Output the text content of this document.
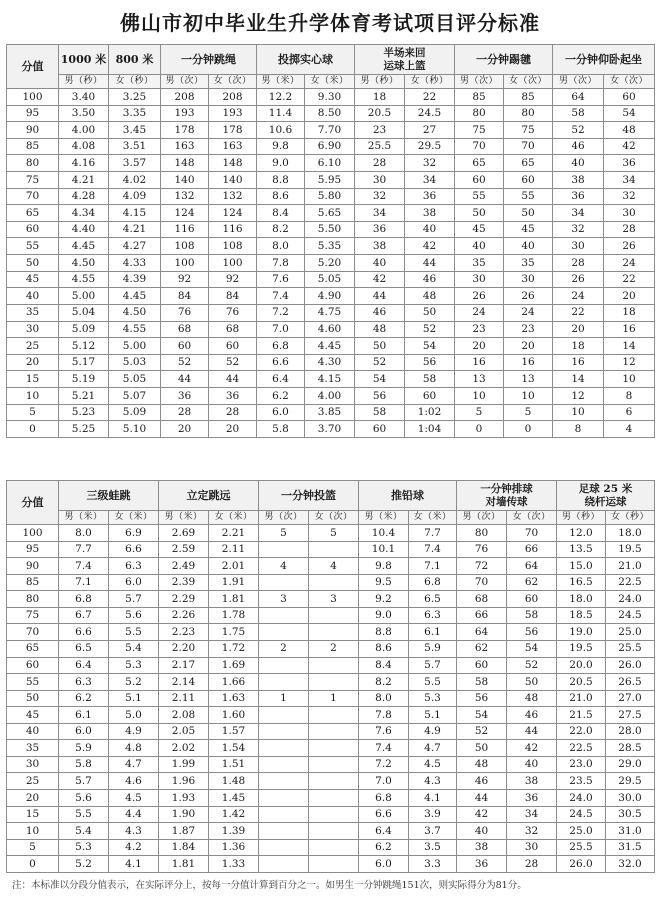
佛山市初中毕业生升学体育考试项目评分标准
分值	1000 米	800 米	一分钟跳绳		投掷实心球		半场来回
运球上篮		一分钟踢毽		一分钟仰卧起坐	
	男（秒）	女（秒）	男（次）	女（次）	男（米）	女（米）	男（秒）	女（秒）	男（次）	女（次）	男（次）	女（次）
100	3.40	3.25	208	208	12.2	9.30	18	22	85	85	64	60
95	3.50	3.35	193	193	11.4	8.50	20.5	24.5	80	80	58	54
90	4.00	3.45	178	178	10.6	7.70	23	27	75	75	52	48
85	4.08	3.51	163	163	9.8	6.90	25.5	29.5	70	70	46	42
80	4.16	3.57	148	148	9.0	6.10	28	32	65	65	40	36
75	4.21	4.02	140	140	8.8	5.95	30	34	60	60	38	34
70	4.28	4.09	132	132	8.6	5.80	32	36	55	55	36	32
65	4.34	4.15	124	124	8.4	5.65	34	38	50	50	34	30
60	4.40	4.21	116	116	8.2	5.50	36	40	45	45	32	28
55	4.45	4.27	108	108	8.0	5.35	38	42	40	40	30	26
50	4.50	4.33	100	100	7.8	5.20	40	44	35	35	28	24
45	4.55	4.39	92	92	7.6	5.05	42	46	30	30	26	22
40	5.00	4.45	84	84	7.4	4.90	44	48	26	26	24	20
35	5.04	4.50	76	76	7.2	4.75	46	50	24	24	22	18
30	5.09	4.55	68	68	7.0	4.60	48	52	23	23	20	16
25	5.12	5.00	60	60	6.8	4.45	50	54	20	20	18	14
20	5.17	5.03	52	52	6.6	4.30	52	56	16	16	16	12
15	5.19	5.05	44	44	6.4	4.15	54	58	13	13	14	10
10	5.21	5.07	36	36	6.2	4.00	56	60	10	10	12	8
5	5.23	5.09	28	28	6.0	3.85	58	1:02	5	5	10	6
0	5.25	5.10	20	20	5.8	3.70	60	1:04	0	0	8	4
分值	三级蛙跳		立定跳远		一分钟投篮		推铅球		一分钟排球
对墙传球		足球 25 米
绕杆运球	
	男（米）	女（米）	男（米）	女（米）	男（次）	女（次）	男（米）	女（米）	男（次）	女（次）	男（秒）	女（秒）
100	8.0	6.9	2.69	2.21	5	5	10.4	7.7	80	70	12.0	18.0
95	7.7	6.6	2.59	2.11			10.1	7.4	76	66	13.5	19.5
90	7.4	6.3	2.49	2.01	4	4	9.8	7.1	72	64	15.0	21.0
85	7.1	6.0	2.39	1.91			9.5	6.8	70	62	16.5	22.5
80	6.8	5.7	2.29	1.81	3	3	9.2	6.5	68	60	18.0	24.0
75	6.7	5.6	2.26	1.78			9.0	6.3	66	58	18.5	24.5
70	6.6	5.5	2.23	1.75			8.8	6.1	64	56	19.0	25.0
65	6.5	5.4	2.20	1.72	2	2	8.6	5.9	62	54	19.5	25.5
60	6.4	5.3	2.17	1.69			8.4	5.7	60	52	20.0	26.0
55	6.3	5.2	2.14	1.66			8.2	5.5	58	50	20.5	26.5
50	6.2	5.1	2.11	1.63	1	1	8.0	5.3	56	48	21.0	27.0
45	6.1	5.0	2.08	1.60			7.8	5.1	54	46	21.5	27.5
40	6.0	4.9	2.05	1.57			7.6	4.9	52	44	22.0	28.0
35	5.9	4.8	2.02	1.54			7.4	4.7	50	42	22.5	28.5
30	5.8	4.7	1.99	1.51			7.2	4.5	48	40	23.0	29.0
25	5.7	4.6	1.96	1.48			7.0	4.3	46	38	23.5	29.5
20	5.6	4.5	1.93	1.45			6.8	4.1	44	36	24.0	30.0
15	5.5	4.4	1.90	1.42			6.6	3.9	42	34	24.5	30.5
10	5.4	4.3	1.87	1.39			6.4	3.7	40	32	25.0	31.0
5	5.3	4.2	1.84	1.36			6.2	3.5	38	30	25.5	31.5
0	5.2	4.1	1.81	1.33			6.0	3.3	36	28	26.0	32.0
注：本标准以分段分值表示，在实际评分上，按每一分值计算到百分之一。如男生一分钟跳绳151次，则实际得分为81分。
